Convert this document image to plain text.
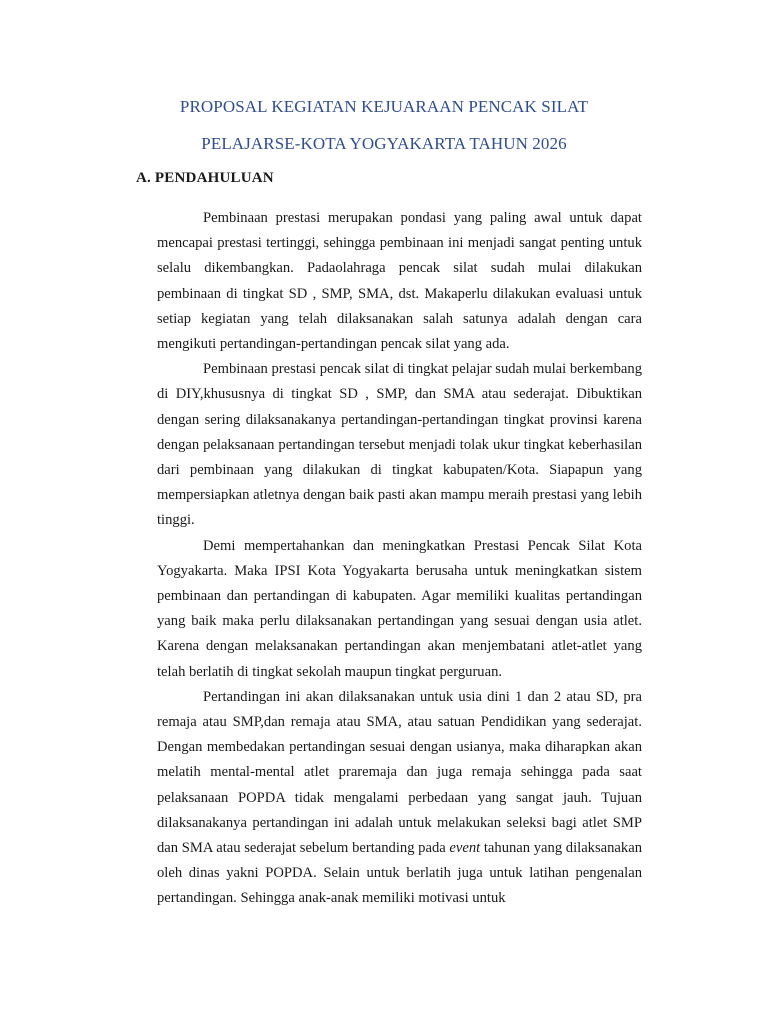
PROPOSAL KEGIATAN KEJUARAAN PENCAK SILAT
PELAJARSE-KOTA YOGYAKARTA TAHUN 2026
A. PENDAHULUAN

Pembinaan prestasi merupakan pondasi yang paling awal untuk dapat mencapai prestasi tertinggi, sehingga pembinaan ini menjadi sangat penting untuk selalu dikembangkan. Padaolahraga pencak silat sudah mulai dilakukan pembinaan di tingkat SD , SMP, SMA, dst. Makaperlu dilakukan evaluasi untuk setiap kegiatan yang telah dilaksanakan salah satunya adalah dengan cara mengikuti pertandingan-pertandingan pencak silat yang ada.

Pembinaan prestasi pencak silat di tingkat pelajar sudah mulai berkembang di DIY,khususnya di tingkat SD , SMP, dan SMA atau sederajat. Dibuktikan dengan sering dilaksanakanya pertandingan-pertandingan tingkat provinsi karena dengan pelaksanaan pertandingan tersebut menjadi tolak ukur tingkat keberhasilan dari pembinaan yang dilakukan di tingkat kabupaten/Kota. Siapapun yang mempersiapkan atletnya dengan baik pasti akan mampu meraih prestasi yang lebih tinggi.

Demi mempertahankan dan meningkatkan Prestasi Pencak Silat Kota Yogyakarta. Maka IPSI Kota Yogyakarta berusaha untuk meningkatkan sistem pembinaan dan pertandingan di kabupaten. Agar memiliki kualitas pertandingan yang baik maka perlu dilaksanakan pertandingan yang sesuai dengan usia atlet. Karena dengan melaksanakan pertandingan akan menjembatani atlet-atlet yang telah berlatih di tingkat sekolah maupun tingkat perguruan.

Pertandingan ini akan dilaksanakan untuk usia dini 1 dan 2 atau SD, pra remaja atau SMP,dan remaja atau SMA, atau satuan Pendidikan yang sederajat. Dengan membedakan pertandingan sesuai dengan usianya, maka diharapkan akan melatih mental-mental atlet praremaja dan juga remaja sehingga pada saat pelaksanaan POPDA tidak mengalami perbedaan yang sangat jauh. Tujuan dilaksanakanya pertandingan ini adalah untuk melakukan seleksi bagi atlet SMP dan SMA atau sederajat sebelum bertanding pada event tahunan yang dilaksanakan oleh dinas yakni POPDA. Selain untuk berlatih juga untuk latihan pengenalan pertandingan. Sehingga anak-anak memiliki motivasi untuk
